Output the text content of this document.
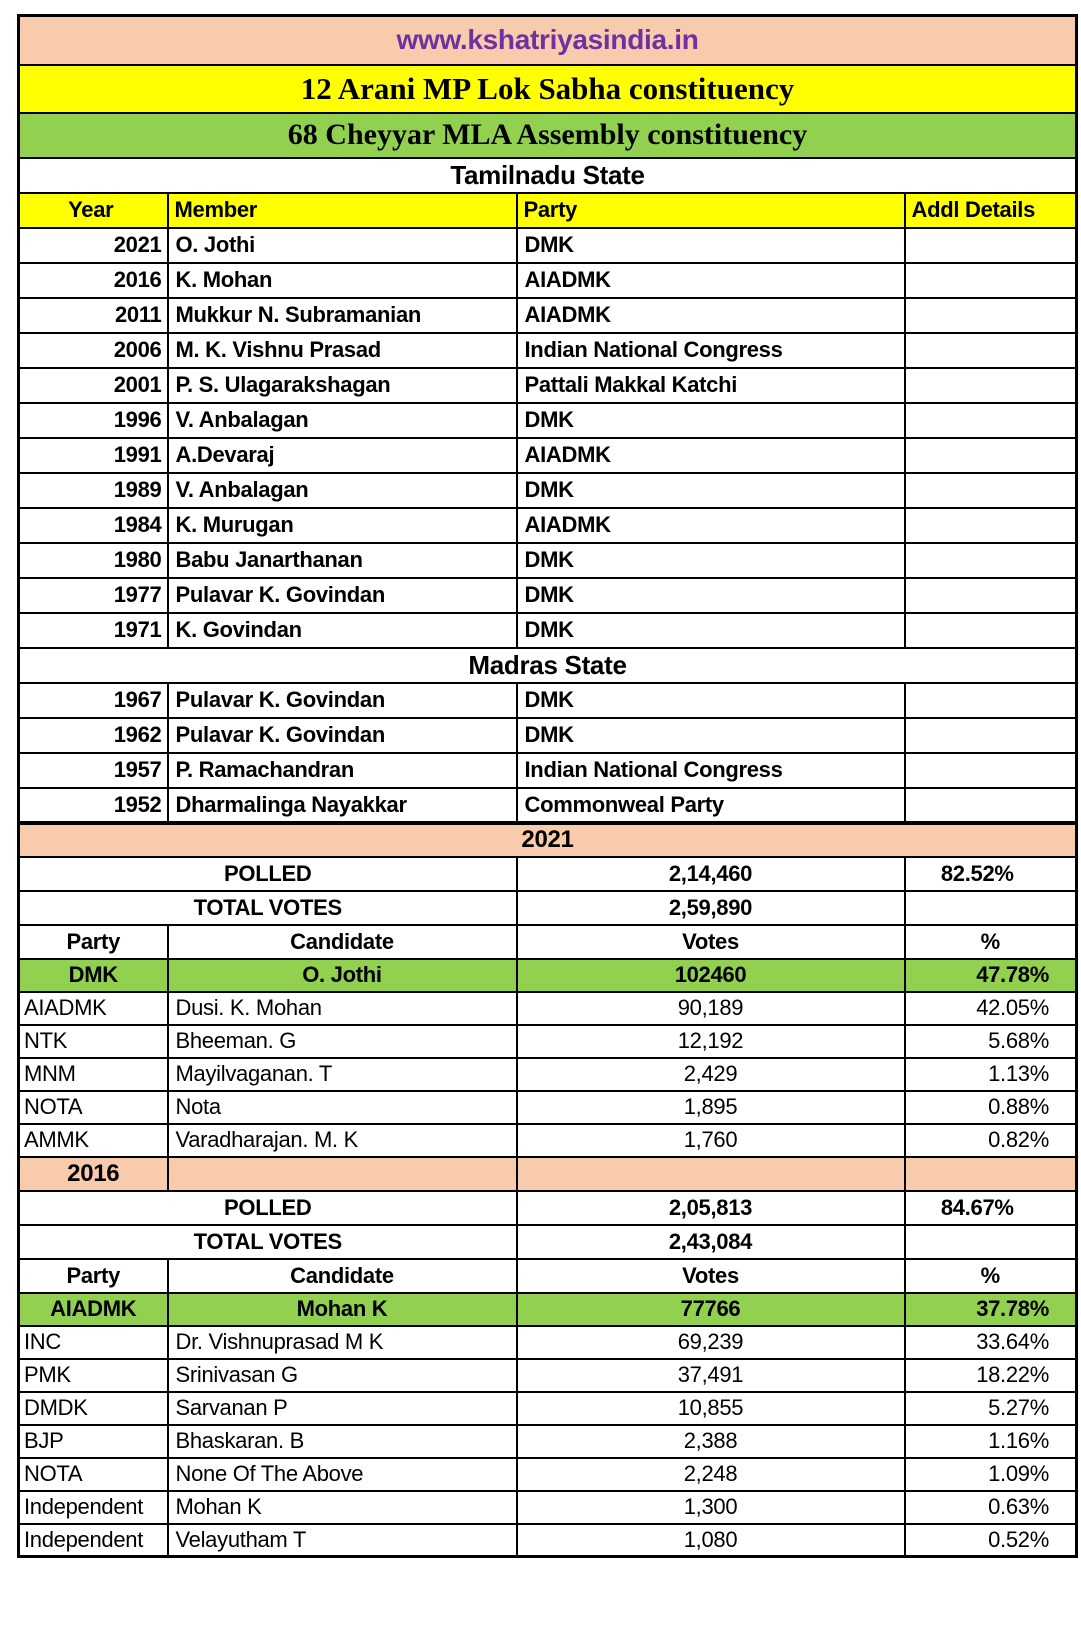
www.kshatriyasindia.in			
12 Arani MP Lok Sabha constituency			
68 Cheyyar MLA Assembly constituency			
Tamilnadu State			
Year	Member	Party	Addl Details
2021	O. Jothi	DMK	
2016	K. Mohan	AIADMK	
2011	Mukkur N. Subramanian	AIADMK	
2006	M. K. Vishnu Prasad	Indian National Congress	
2001	P. S. Ulagarakshagan	Pattali Makkal Katchi	
1996	V. Anbalagan	DMK	
1991	A.Devaraj	AIADMK	
1989	V. Anbalagan	DMK	
1984	K. Murugan	AIADMK	
1980	Babu Janarthanan	DMK	
1977	Pulavar K. Govindan	DMK	
1971	K. Govindan	DMK	
Madras State			
1967	Pulavar K. Govindan	DMK	
1962	Pulavar K. Govindan	DMK	
1957	P. Ramachandran	Indian National Congress	
1952	Dharmalinga Nayakkar	Commonweal Party	
2021			
POLLED		2,14,460	82.52%
TOTAL VOTES		2,59,890	
Party	Candidate	Votes	%
DMK	O. Jothi	102460	47.78%
AIADMK	Dusi. K. Mohan	90,189	42.05%
NTK	Bheeman. G	12,192	5.68%
MNM	Mayilvaganan. T	2,429	1.13%
NOTA	Nota	1,895	0.88%
AMMK	Varadharajan. M. K	1,760	0.82%
2016			
POLLED		2,05,813	84.67%
TOTAL VOTES		2,43,084	
Party	Candidate	Votes	%
AIADMK	Mohan K	77766	37.78%
INC	Dr. Vishnuprasad M K	69,239	33.64%
PMK	Srinivasan G	37,491	18.22%
DMDK	Sarvanan P	10,855	5.27%
BJP	Bhaskaran. B	2,388	1.16%
NOTA	None Of The Above	2,248	1.09%
Independent	Mohan K	1,300	0.63%
Independent	Velayutham T	1,080	0.52%
